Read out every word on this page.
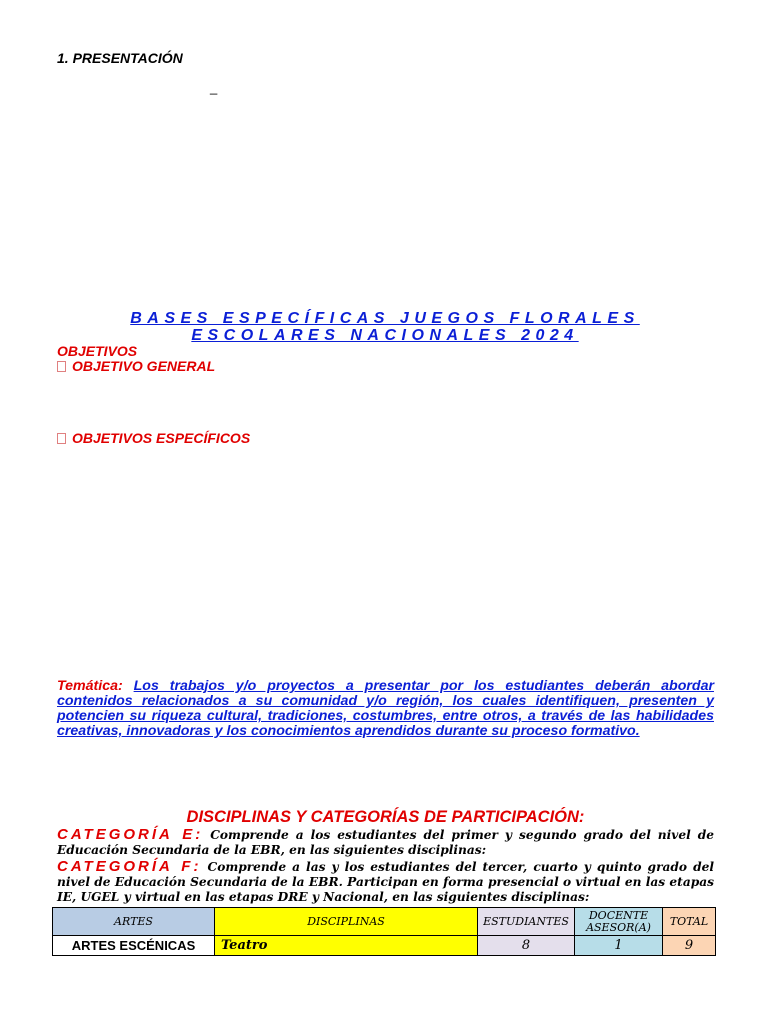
1. PRESENTACIÓN
_
BASES ESPECÍFICAS JUEGOS FLORALES
ESCOLARES NACIONALES 2024
OBJETIVOS
OBJETIVO GENERAL
OBJETIVOS ESPECÍFICOS
Temática: Los trabajos y/o proyectos a presentar por los estudiantes deberán abordar contenidos relacionados a su comunidad y/o región, los cuales identifiquen, presenten y potencien su riqueza cultural, tradiciones, costumbres, entre otros, a través de las habilidades creativas, innovadoras y los conocimientos aprendidos durante su proceso formativo.
DISCIPLINAS Y CATEGORÍAS DE PARTICIPACIÓN:
CATEGORÍA E: Comprende a los estudiantes del primer y segundo grado del nivel de Educación Secundaria de la EBR, en las siguientes disciplinas:
CATEGORÍA F: Comprende a las y los estudiantes del tercer, cuarto y quinto grado del nivel de Educación Secundaria de la EBR. Participan en forma presencial o virtual en las etapas IE, UGEL y virtual en las etapas DRE y Nacional, en las siguientes disciplinas:
ARTES	DISCIPLINAS	ESTUDIANTES	DOCENTE ASESOR(A)	TOTAL
ARTES ESCÉNICAS	Teatro	8	1	9
